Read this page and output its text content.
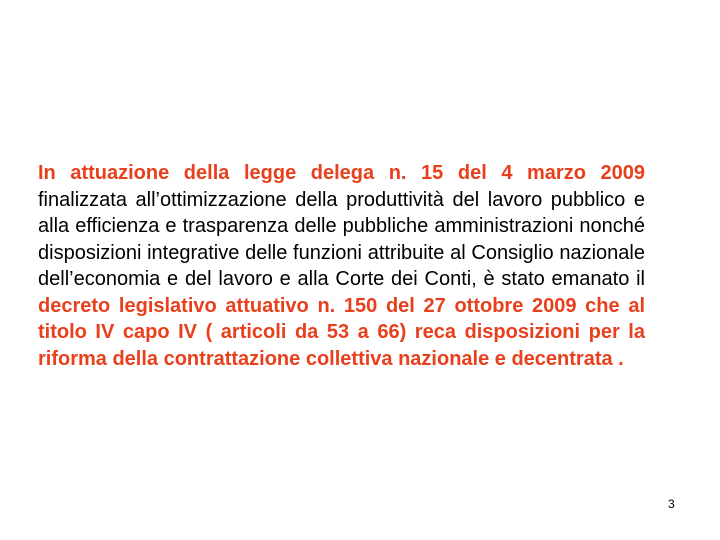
In attuazione della legge delega n. 15 del 4 marzo 2009 finalizzata all’ottimizzazione della produttività del lavoro pubblico e alla efficienza e trasparenza delle pubbliche amministrazioni nonché disposizioni integrative delle funzioni attribuite al Consiglio nazionale dell’economia e del lavoro e alla Corte dei Conti, è stato emanato il decreto legislativo attuativo n. 150 del 27 ottobre 2009 che al titolo IV capo IV ( articoli da 53 a 66) reca disposizioni per la riforma della contrattazione collettiva nazionale e decentrata .

3
